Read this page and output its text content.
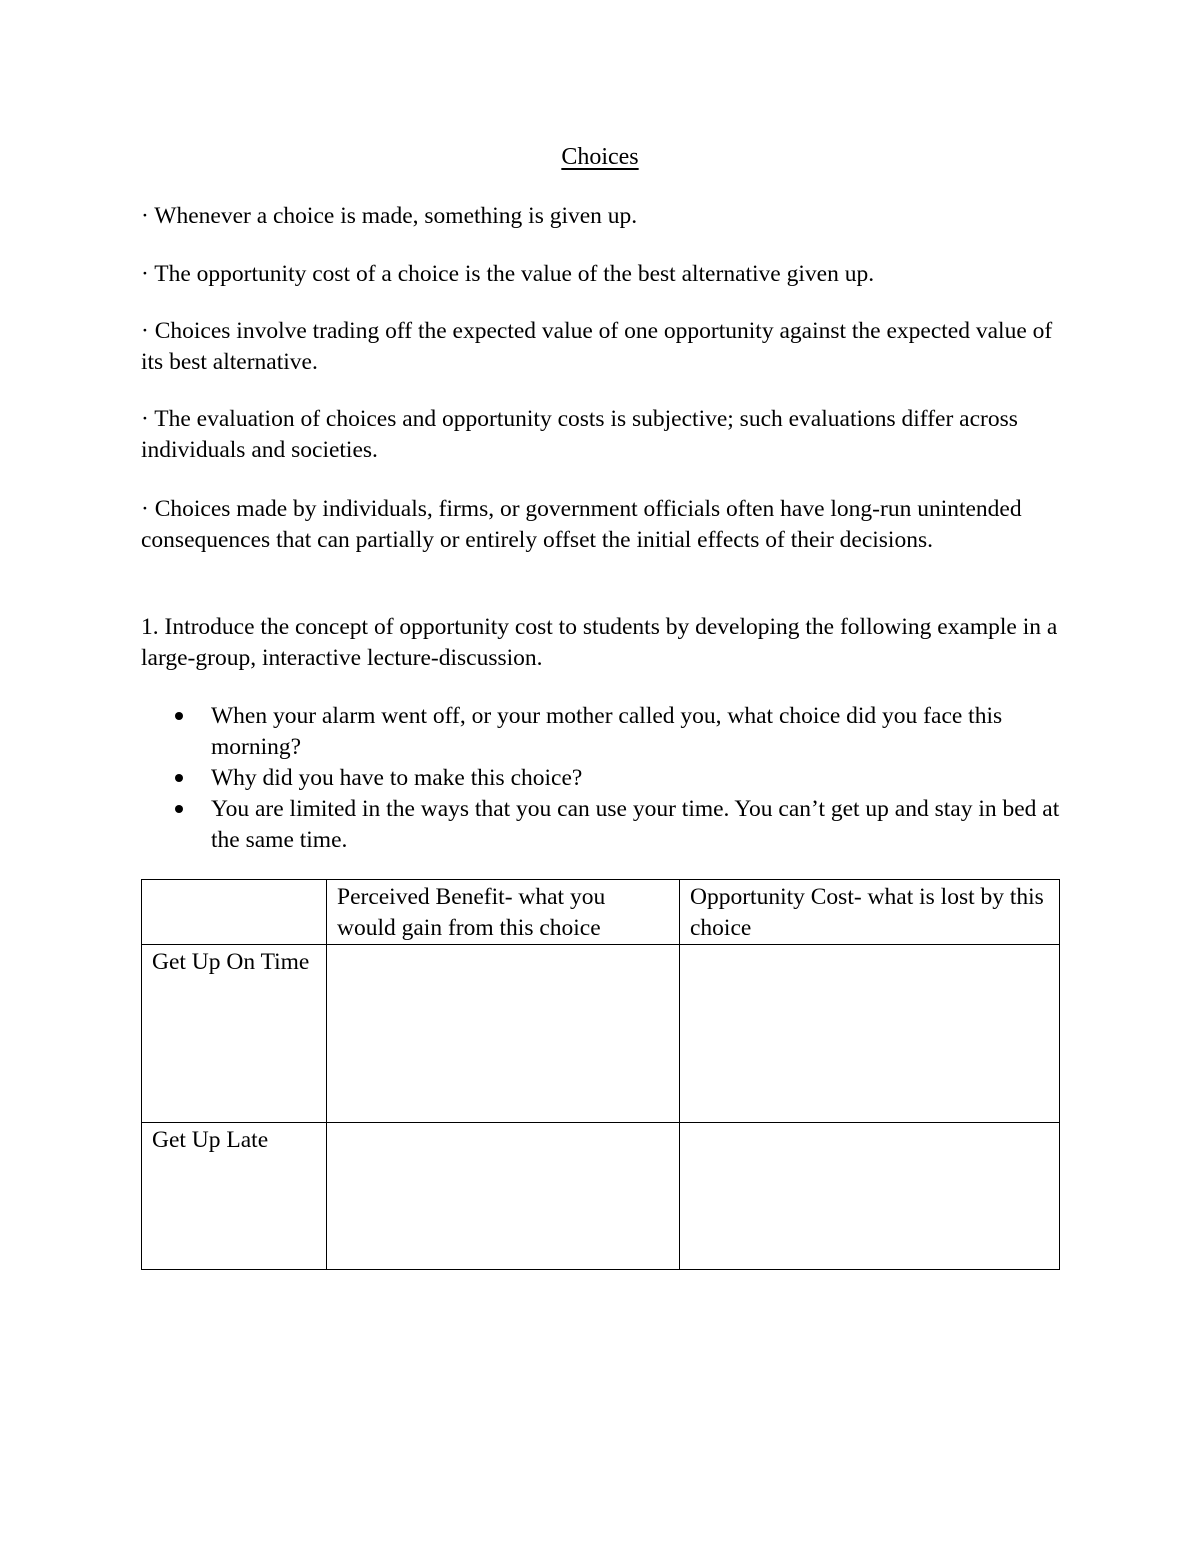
Choices

· Whenever a choice is made, something is given up.

· The opportunity cost of a choice is the value of the best alternative given up.

· Choices involve trading off the expected value of one opportunity against the expected value of its best alternative.

· The evaluation of choices and opportunity costs is subjective; such evaluations differ across individuals and societies.

· Choices made by individuals, firms, or government officials often have long-run unintended consequences that can partially or entirely offset the initial effects of their decisions.

1. Introduce the concept of opportunity cost to students by developing the following example in a large-group, interactive lecture-discussion.

When your alarm went off, or your mother called you, what choice did you face this morning?
Why did you have to make this choice?
You are limited in the ways that you can use your time. You can’t get up and stay in bed at the same time.
	Perceived Benefit- what you would gain from this choice	Opportunity Cost- what is lost by this choice
Get Up On Time		
Get Up Late		
